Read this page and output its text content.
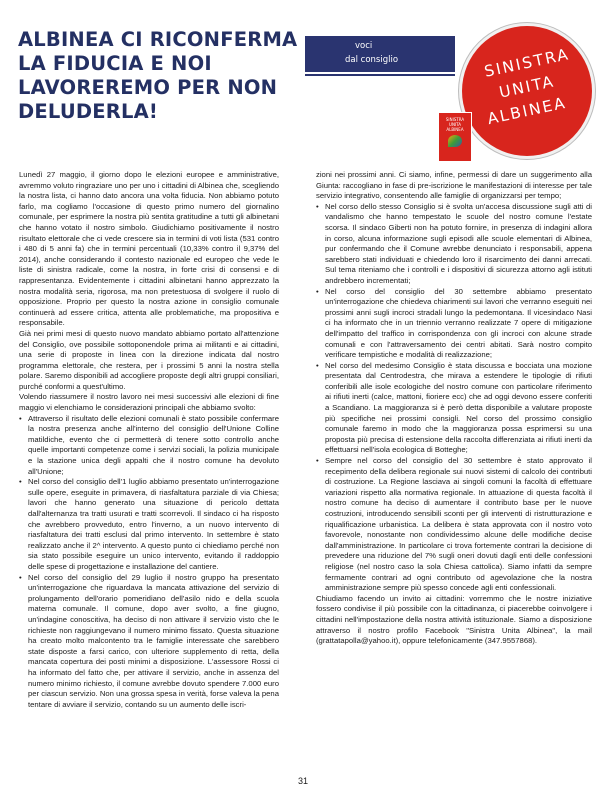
ALBINEA CI RICONFERMA
LA FIDUCIA E NOI
LAVOREREMO PER NON
DELUDERLA!
voci
dal consiglio	SINISTRA
UNITA
ALBINEA
SINISTRA
UNITA
ALBINEA

Lunedì 27 maggio, il giorno dopo le elezioni europee e amministrative, avremmo voluto ringraziare uno per uno i cittadini di Albinea che, scegliendo la nostra lista, ci hanno dato ancora una volta fiducia. Non abbiamo potuto farlo, ma cogliamo l'occasione di questo primo numero del giornalino comunale, per esprimere la nostra più sentita gratitudine a tutti gli albinetani che hanno votato il nostro simbolo. Giudichiamo positivamente il nostro risultato elettorale che ci vede crescere sia in termini di voti lista (531 contro i 480 di 5 anni fa) che in termini percentuali (10,33% contro il 9,37% del 2014), anche considerando il contesto nazionale ed europeo che vede le liste di sinistra radicale, come la nostra, in forte crisi di consensi e di rappresentanza. Evidentemente i cittadini albinetani hanno apprezzato la nostra modalità seria, rigorosa, ma non pretestuosa di svolgere il ruolo di opposizione. Proprio per questo la nostra azione in consiglio comunale continuerà ad essere critica, attenta alle problematiche, ma propositiva e responsabile.

Già nei primi mesi di questo nuovo mandato abbiamo portato all'attenzione del Consiglio, ove possibile sottoponendole prima ai militanti e ai cittadini, una serie di proposte in linea con la direzione indicata dal nostro programma elettorale, che restera, per i prossimi 5 anni la nostra stella polare. Saremo disponibili ad accogliere proposte degli altri gruppi consiliari, purché conformi a quest'ultimo.

Volendo riassumere il nostro lavoro nei mesi successivi alle elezioni di fine maggio vi elenchiamo le considerazioni principali che abbiamo svolto:

• Attraverso il risultato delle elezioni comunali è stato possibile confermare la nostra presenza anche all'interno del consiglio dell'Unione Colline matildiche, evento che ci permetterà di tenere sotto controllo anche quelle importanti competenze come i servizi sociali, la polizia municipale e la stazione unica degli appalti che il nostro comune ha devoluto all'Unione;

• Nel corso del consiglio dell'1 luglio abbiamo presentato un'interrogazione sulle opere, eseguite in primavera, di riasfaltatura parziale di via Chiesa; lavori che hanno generato una situazione di pericolo dettata dall'alternanza tra tratti usurati e tratti scorrevoli. Il sindaco ci ha risposto che avrebbero provveduto, entro l'inverno, a un nuovo intervento di riasfaltatura dei tratti esclusi dal primo intervento. In settembre è stato realizzato anche il 2^ intervento. A questo punto ci chiediamo perché non sia stato possibile eseguire un unico intervento, evitando il raddoppio delle spese di progettazione e installazione del cantiere.

• Nel corso del consiglio del 29 luglio il nostro gruppo ha presentato un'interrogazione che riguardava la mancata attivazione del servizio di prolungamento dell'orario pomeridiano dell'asilo nido e della scuola materna comunale. Il comune, dopo aver svolto, a fine giugno, un'indagine conoscitiva, ha deciso di non attivare il servizio visto che le richieste non raggiungevano il numero minimo fissato. Questa situazione ha creato molto malcontento tra le famiglie interessate che sarebbero state disposte a farsi carico, con ulteriore supplemento di retta, della mancata copertura dei posti minimi a disposizione. L'assessore Rossi ci ha informato del fatto che, per attivare il servizio, anche in assenza del numero minimo richiesto, il comune avrebbe dovuto spendere 7.000 euro per ciascun servizio. Non una grossa spesa in verità, forse valeva la pena tentare di avviare il servizio, contando su un aumento delle iscri-

zioni nei prossimi anni. Ci siamo, infine, permessi di dare un suggerimento alla Giunta: raccogliano in fase di pre-iscrizione le manifestazioni di interesse per tale servizio integrativo, consentendo alle famiglie di organizzarsi per tempo;

• Nel corso dello stesso Consiglio si è svolta un'accesa discussione sugli atti di vandalismo che hanno tempestato le scuole del nostro comune l'estate scorsa. Il sindaco Giberti non ha potuto fornire, in presenza di indagini allora in corso, alcuna informazione sugli episodi alle scuole elementari di Albinea, pur confermando che il Comune avrebbe denunciato i responsabili, appena sarebbero stati individuati e chiedendo loro il risarcimento dei danni arrecati. Sul tema riteniamo che i controlli e i dispositivi di sicurezza attorno agli istituti andrebbero incrementati;

• Nel corso del consiglio del 30 settembre abbiamo presentato un'interrogazione che chiedeva chiarimenti sui lavori che verranno eseguiti nei prossimi anni sugli incroci stradali lungo la pedemontana. Il vicesindaco Nasi ci ha informato che in un triennio verranno realizzate 7 opere di mitigazione dell'impatto del traffico in corrispondenza con gli incroci con alcune strade comunali e con l'attraversamento dei centri abitati. Sarà nostro compito verificare tempistiche e modalità di realizzazione;

• Nel corso del medesimo Consiglio è stata discussa e bocciata una mozione presentata dal Centrodestra, che mirava a estendere le tipologie di rifiuti conferibili alle isole ecologiche del nostro comune con particolare riferimento ai rifiuti inerti (calce, mattoni, fioriere ecc) che ad oggi devono essere conferiti a Scandiano. La maggioranza si è però detta disponibile a valutare proposte più specifiche nei prossimi consigli. Nel corso del prossimo consiglio comunale faremo in modo che la maggioranza possa esprimersi su una proposta più precisa di estensione della raccolta differenziata ai rifiuti inerti da effettuarsi nell'isola ecologica di Botteghe;

• Sempre nel corso del consiglio del 30 settembre è stato approvato il recepimento della delibera regionale sui nuovi sistemi di calcolo dei contributi di costruzione. La Regione lasciava ai singoli comuni la facoltà di effettuare variazioni rispetto alla normativa regionale. In attuazione di questa facoltà il nostro comune ha deciso di aumentare il contributo base per le nuove costruzioni, introducendo sensibili sconti per gli interventi di ristrutturazione e riqualificazione urbanistica. La delibera è stata approvata con il nostro voto favorevole, nonostante non condividessimo alcune delle modifiche decise dall'amministrazione. In particolare ci trova fortemente contrari la decisione di prevedere una riduzione del 7% sugli oneri dovuti dagli enti delle confessioni religiose (nel nostro caso la sola Chiesa cattolica). Siamo infatti da sempre fermamente contrari ad ogni contributo od agevolazione che la nostra amministrazione sempre più spesso concede agli enti confessionali.

Chiudiamo facendo un invito ai cittadini: vorremmo che le nostre iniziative fossero condivise il più possibile con la cittadinanza, ci piacerebbe coinvolgere i cittadini nell'impostazione della nostra attività istituzionale. Siamo a disposizione attraverso il nostro profilo Facebook "Sinistra Unita Albinea", la mail (grattatapolla@yahoo.it), oppure telefonicamente (347.9557868).

31
